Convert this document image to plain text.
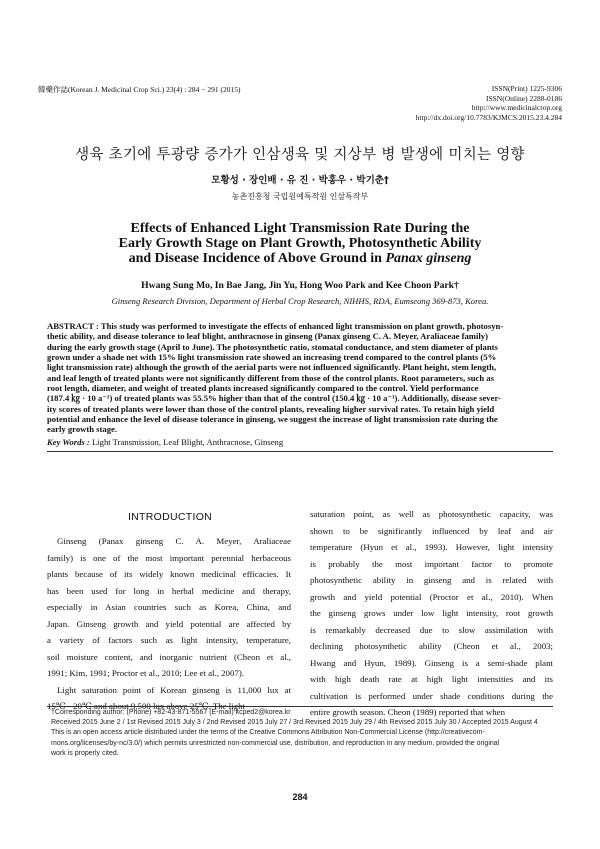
韓藥作誌(Korean J. Medicinal Crop Sci.) 23(4) : 284 − 291 (2015)	ISSN(Print) 1225-9306
ISSN(Online) 2288-0186
http://www.medicinalcrop.org
http://dx.doi.org/10.7783/KJMCS.2015.23.4.284
생육 초기에 투광량 증가가 인삼생육 및 지상부 병 발생에 미치는 영향
모황성 · 장인배 · 유 진 · 박홍우 · 박기춘†
농촌진흥청 국립원예특작원 인삼특작부
Effects of Enhanced Light Transmission Rate During the
Early Growth Stage on Plant Growth, Photosynthetic Ability
and Disease Incidence of Above Ground in Panax ginseng
Hwang Sung Mo, In Bae Jang, Jin Yu, Hong Woo Park and Kee Choon Park†
Ginseng Research Division, Department of Herbal Crop Research, NIHHS, RDA, Eumseong 369-873, Korea.
ABSTRACT : This study was performed to investigate the effects of enhanced light transmission on plant growth, photosyn-
thetic ability, and disease tolerance to leaf blight, anthracnose in ginseng (Panax ginseng C. A. Meyer, Araliaceae family)
during the early growth stage (April to June). The photosynthetic ratio, stomatal conductance, and stem diameter of plants
grown under a shade net with 15% light transmission rate showed an increasing trend compared to the control plants (5%
light transmission rate) although the growth of the aerial parts were not influenced significantly. Plant height, stem length,
and leaf length of treated plants were not significantly different from those of the control plants. Root parameters, such as
root length, diameter, and weight of treated plants increased significantly compared to the control. Yield performance
(187.4 ㎏ · 10 a⁻¹) of treated plants was 55.5% higher than that of the control (150.4 ㎏ · 10 a⁻¹). Additionally, disease sever-
ity scores of treated plants were lower than those of the control plants, revealing higher survival rates. To retain high yield
potential and enhance the level of disease tolerance in ginseng, we suggest the increase of light transmission rate during the
early growth stage.
Key Words : Light Transmission, Leaf Blight, Anthracnose, Ginseng
INTRODUCTION
Ginseng (Panax ginseng C. A. Meyer, Araliaceae
family) is one of the most important perennial herbaceous
plants because of its widely known medicinal efficacies. It
has been used for long in herbal medicine and therapy,
especially in Asian countries such as Korea, China, and
Japan. Ginseng growth and yield potential are affected by
a variety of factors such as light intensity, temperature,
soil moisture content, and inorganic nutrient (Cheon et al.,
1991; Kim, 1991; Proctor et al., 2010; Lee et al., 2007).
Light saturation point of Korean ginseng is 11,000 lux at
15℃ - 20℃ and about 9,500 lux above 25℃. The light
saturation point, as well as photosynthetic capacity, was
shown to be significantly influenced by leaf and air
temperature (Hyun et al., 1993). However, light intensity
is probably the most important factor to promote
photosynthetic ability in ginseng and is related with
growth and yield potential (Proctor et al., 2010). When
the ginseng grows under low light intensity, root growth
is remarkably decreased due to slow assimilation with
declining photosynthetic ability (Cheon et al., 2003;
Hwang and Hyun, 1989). Ginseng is a semi-shade plant
with high death rate at high light intensities and its
cultivation is performed under shade conditions during the
entire growth season. Cheon (1989) reported that when
†Corresponding author: (Phone) +82-43-871-5567 (E-mail) kcped2@korea.kr
Received 2015 June 2 / 1st Revised 2015 July 3 / 2nd Revised 2015 July 27 / 3rd Revised 2015 July 29 / 4th Revised 2015 July 30 / Accepted 2015 August 4
This is an open access article distributed under the terms of the Creative Commons Attribution Non-Commercial License (http://creativecom-
mons.org/licenses/by-nc/3.0/) which permits unrestricted non-commercial use, distribution, and reproduction in any medium, provided the original
work is properly cited.
284
